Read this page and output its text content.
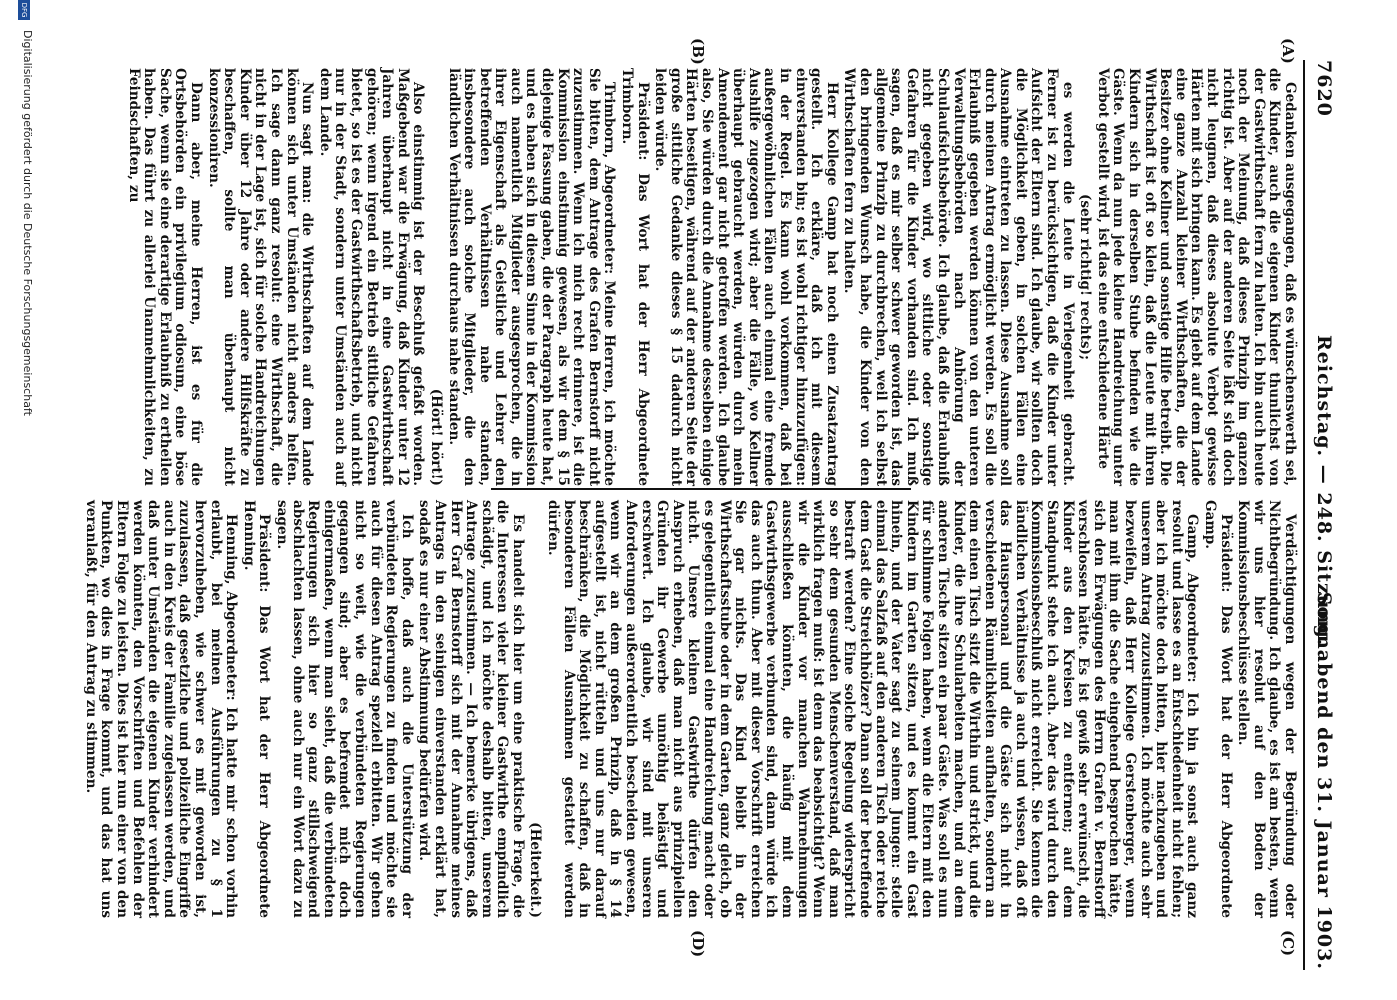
7620
Reichstag. — 248. Sitzung.
Sonnabend den 31. Januar 1903.
(A)
(B)
(C)
(D)

Gedanken ausgegangen, daß es wünschenswerth sei, die Kinder, auch die eigenen Kinder thunlichst von der Gastwirthschaft fern zu halten. Ich bin auch heute noch der Meinung, daß dieses Prinzip im ganzen richtig ist. Aber auf der anderen Seite läßt sich doch nicht leugnen, daß dieses absolute Verbot gewisse Härten mit sich bringen kann. Es giebt auf dem Lande eine ganze Anzahl kleiner Wirthschaften, die der Besitzer ohne Kellner und sonstige Hilfe betreibt. Die Wirthschaft ist oft so klein, daß die Leute mit ihren Kindern sich in derselben Stube befinden wie die Gäste. Wenn da nun jede kleine Handreichung unter Verbot gestellt wird, ist das eine entschiedene Härte

(sehr richtig! rechts);

es werden die Leute in Verlegenheit gebracht. Ferner ist zu berücksichtigen, daß die Kinder unter Aufsicht der Eltern sind. Ich glaube, wir sollten doch die Möglichkeit geben, in solchen Fällen eine Ausnahme eintreten zu lassen. Diese Ausnahme soll durch meinen Antrag ermöglicht werden. Es soll die Erlaubniß gegeben werden können von den unteren Verwaltungsbehörden nach Anhörung der Schulaufsichtsbehörde. Ich glaube, daß die Erlaubniß nicht gegeben wird, wo sittliche oder sonstige Gefahren für die Kinder vorhanden sind. Ich muß sagen, daß es mir selber schwer geworden ist, das allgemeine Prinzip zu durchbrechen, weil ich selbst den bringenden Wunsch habe, die Kinder von den Wirthschaften fern zu halten.

Herr Kollege Gamp hat noch einen Zusatzantrag gestellt. Ich erkläre, daß ich mit diesem einverstanden bin; es ist wohl richtiger hinzuzufügen: in der Regel. Es kann wohl vorkommen, daß bei außergewöhnlichen Fällen auch einmal eine fremde Aushilfe zugezogen wird; aber die Fälle, wo Kellner überhaupt gebraucht werden, würden durch mein Amendement gar nicht getroffen werden. Ich glaube also, Sie würden durch die Annahme desselben einige Härten beseitigen, während auf der anderen Seite der große sittliche Gedanke dieses § 15 dadurch nicht leiden würde.

Präsident: Das Wort hat der Herr Abgeordnete Trimborn.

Trimborn, Abgeordneter: Meine Herren, ich möchte Sie bitten, dem Antrage des Grafen Bernstorff nicht zuzustimmen. Wenn ich mich recht erinnere, ist die Kommission einstimmig gewesen, als wir dem § 15 diejenige Fassung gaben, die der Paragraph heute hat, und es haben sich in diesem Sinne in der Kommission auch namentlich Mitglieder ausgesprochen, die in ihrer Eigenschaft als Geistliche und Lehrer den betreffenden Verhältnissen nahe standen, insbesondere auch solche Mitglieder, die den ländlichen Verhältnissen durchaus nahe standen.

(Hört! hört!)

Also einstimmig ist der Beschluß gefaßt worden. Maßgebend war die Erwägung, daß Kinder unter 12 Jahren überhaupt nicht in eine Gastwirthschaft gehören; wenn irgend ein Betrieb sittliche Gefahren bietet, so ist es der Gastwirthschaftsbetrieb, und nicht nur in der Stadt, sondern unter Umständen auch auf dem Lande.

Nun sagt man: die Wirthschaften auf dem Lande können sich unter Umständen nicht anders helfen. Ich sage dann ganz resolut: eine Wirthschaft, die nicht in der Lage ist, sich für solche Handreichungen Kinder über 12 Jahre oder andere Hilfskräfte zu beschaffen, sollte man überhaupt nicht konzessioniren.

Dann aber, meine Herren, ist es für die Ortsbehörden ein privilegium odiosum, eine böse Sache, wenn sie eine derartige Erlaubniß zu ertheilen haben. Das führt zu allerlei Unannehmlichkeiten, zu Feindschaften, zu

Verdächtigungen wegen der Begründung oder Nichtbegründung. Ich glaube, es ist am besten, wenn wir uns hier resolut auf den Boden der Kommissionsbeschlüsse stellen.

Präsident: Das Wort hat der Herr Abgeordnete Gamp.

Gamp, Abgeordneter: Ich bin ja sonst auch ganz resolut und lasse es an Entschiedenheit nicht fehlen; aber ich möchte doch bitten, hier nachzugeben und unserem Antrag zuzustimmen. Ich möchte auch sehr bezweifeln, daß Herr Kollege Gerstenberger, wenn man mit ihm die Sache eingehend besprochen hätte, sich den Erwägungen des Herrn Grafen v. Bernstorff verschlossen hätte. Es ist gewiß sehr erwünscht, die Kinder aus den Kreisen zu entfernen; auf dem Standpunkt stehe ich auch. Aber das wird durch den Kommissionsbeschluß nicht erreicht. Sie kennen die ländlichen Verhältnisse ja auch und wissen, daß oft das Hauspersonal und die Gäste sich nicht in verschiedenen Räumlichkeiten aufhalten, sondern an dem einen Tisch sitzt die Wirthin und strickt, und die Kinder, die ihre Schularbeiten machen, und an dem anderen Tische sitzen ein paar Gäste. Was soll es nun für schlimme Folgen haben, wenn die Eltern mit den Kindern im Garten sitzen, und es kommt ein Gast hinein, und der Vater sagt zu seinem Jungen: stelle einmal das Salzfaß auf den anderen Tisch oder reiche dem Gast die Streichhölzer? Dann soll der betreffende bestraft werden? Eine solche Regelung widerspricht so sehr dem gesunden Menschenverstand, daß man wirklich fragen muß: ist denn das beabsichtigt? Wenn wir die Kinder vor manchen Wahrnehmungen ausschließen könnten, die häufig mit dem Gastwirthsgewerbe verbunden sind, dann würde ich das auch thun. Aber mit dieser Vorschrift erreichen Sie gar nichts. Das Kind bleibt in der Wirthschaftsstube oder in dem Garten, ganz gleich, ob es gelegentlich einmal eine Handreichung macht oder nicht. Unsere kleinen Gastwirthe dürfen den Anspruch erheben, daß man nicht aus prinzipiellen Gründen ihr Gewerbe unnöthig belästigt und erschwert. Ich glaube, wir sind mit unseren Anforderungen außerordentlich bescheiden gewesen, wenn wir an dem großen Prinzip, daß in § 14 aufgestellt ist, nicht rütteln und uns nur darauf beschränken, die Möglichkeit zu schaffen, daß in besonderen Fällen Ausnahmen gestattet werden dürfen.

(Heiterkeit.)

Es handelt sich hier um eine praktische Frage, die die Interessen vieler kleiner Gastwirthe empfindlich schädigt, und ich möchte deshalb bitten, unserem Antrage zuzustimmen. — Ich bemerke übrigens, daß Herr Graf Bernstorff sich mit der Annahme meines Antrags in den seinigen einverstanden erklärt hat, sodaß es nur einer Abstimmung bedürfen wird.

Ich hoffe, daß auch die Unterstützung der verbündeten Regierungen zu finden und möchte sie auch für diesen Antrag speziell erbitten. Wir gehen nicht so weit, wie die verbündeten Regierungen gegangen sind; aber es befremdet mich doch einigermaßen, wenn man sieht, daß die verbündeten Regierungen sich hier so ganz stillschweigend abschlachten lassen, ohne auch nur ein Wort dazu zu sagen.

Präsident: Das Wort hat der Herr Abgeordnete Henning.

Henning, Abgeordneter: Ich hatte mir schon vorhin erlaubt, bei meinen Ausführungen zu § 1 hervorzuheben, wie schwer es mit geworden ist, zuzulassen, daß gesetzliche und polizeiliche Eingriffe auch in den Kreis der Familie zugelassen werden, und daß unter Umständen die eigenen Kinder verhindert werden könnten, den Vorschriften und Befehlen der Eltern Folge zu leisten. Dies ist hier nun einer von den Punkten, wo dies in Frage kommt, und das hat uns veranlaßt, für den Antrag zu stimmen.

DFG
Digitalisierung gefördert durch die Deutsche Forschungsgemeinschaft
